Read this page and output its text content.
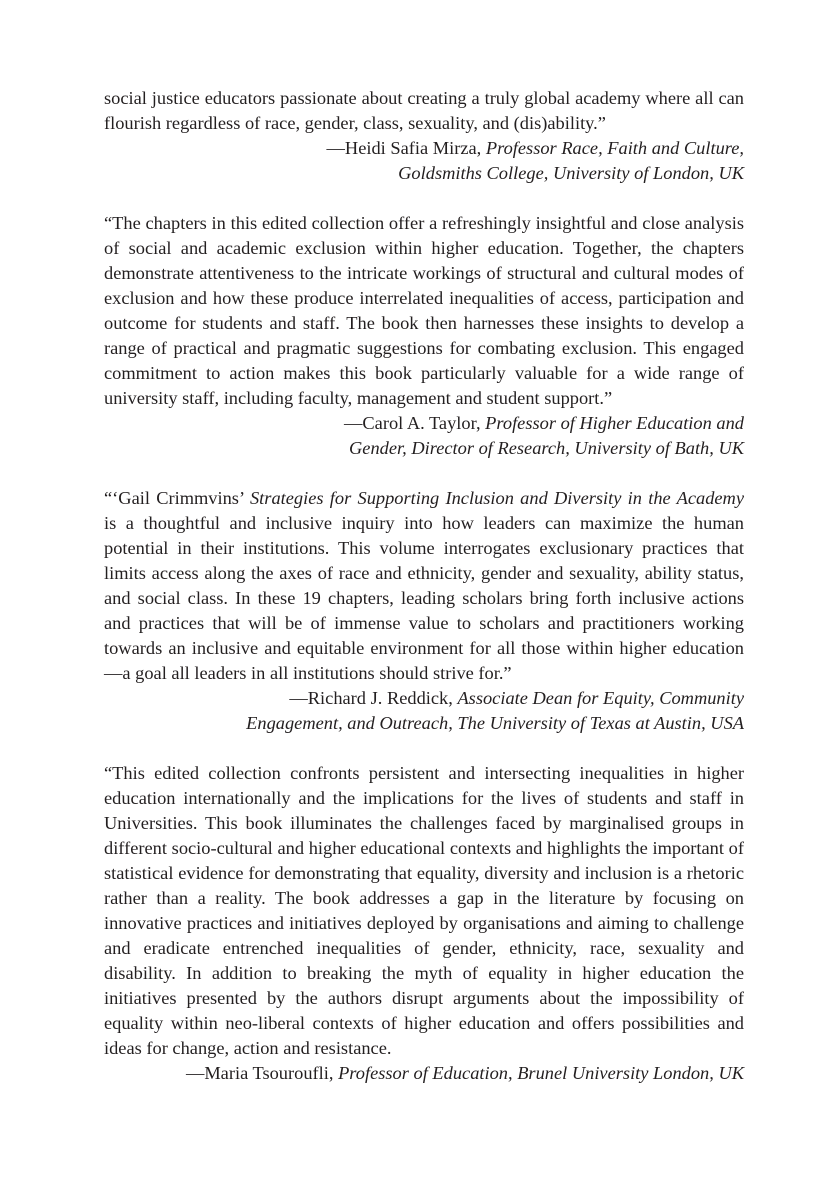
social justice educators passionate about creating a truly global academy where all can flourish regardless of race, gender, class, sexuality, and (dis)ability.”

—Heidi Safia Mirza, Professor Race, Faith and Culture,

Goldsmiths College, University of London, UK

“The chapters in this edited collection offer a refreshingly insightful and close analysis of social and academic exclusion within higher education. Together, the chapters demonstrate attentiveness to the intricate workings of structural and cultural modes of exclusion and how these produce interrelated inequalities of access, participation and outcome for students and staff. The book then harnesses these insights to develop a range of practical and pragmatic suggestions for combating exclusion. This engaged commitment to action makes this book particularly valuable for a wide range of university staff, including faculty, management and student support.”

—Carol A. Taylor, Professor of Higher Education and

Gender, Director of Research, University of Bath, UK

“‘Gail Crimmvins’ Strategies for Supporting Inclusion and Diversity in the Academy is a thoughtful and inclusive inquiry into how leaders can maximize the human potential in their institutions. This volume interrogates exclusionary practices that limits access along the axes of race and ethnicity, gender and sexuality, ability status, and social class. In these 19 chapters, leading scholars bring forth inclusive actions and practices that will be of immense value to scholars and practitioners working towards an inclusive and equitable environment for all those within higher education—a goal all leaders in all institutions should strive for.”

—Richard J. Reddick, Associate Dean for Equity, Community

Engagement, and Outreach, The University of Texas at Austin, USA

“This edited collection confronts persistent and intersecting inequalities in higher education internationally and the implications for the lives of students and staff in Universities. This book illuminates the challenges faced by marginalised groups in different socio-cultural and higher educational contexts and highlights the important of statistical evidence for demonstrating that equality, diversity and inclusion is a rhetoric rather than a reality. The book addresses a gap in the literature by focusing on innovative practices and initiatives deployed by organisations and aiming to challenge and eradicate entrenched inequalities of gender, ethnicity, race, sexuality and disability. In addition to breaking the myth of equality in higher education the initiatives presented by the authors disrupt arguments about the impossibility of equality within neo-liberal contexts of higher education and offers possibilities and ideas for change, action and resistance.

—Maria Tsouroufli, Professor of Education, Brunel University London, UK
